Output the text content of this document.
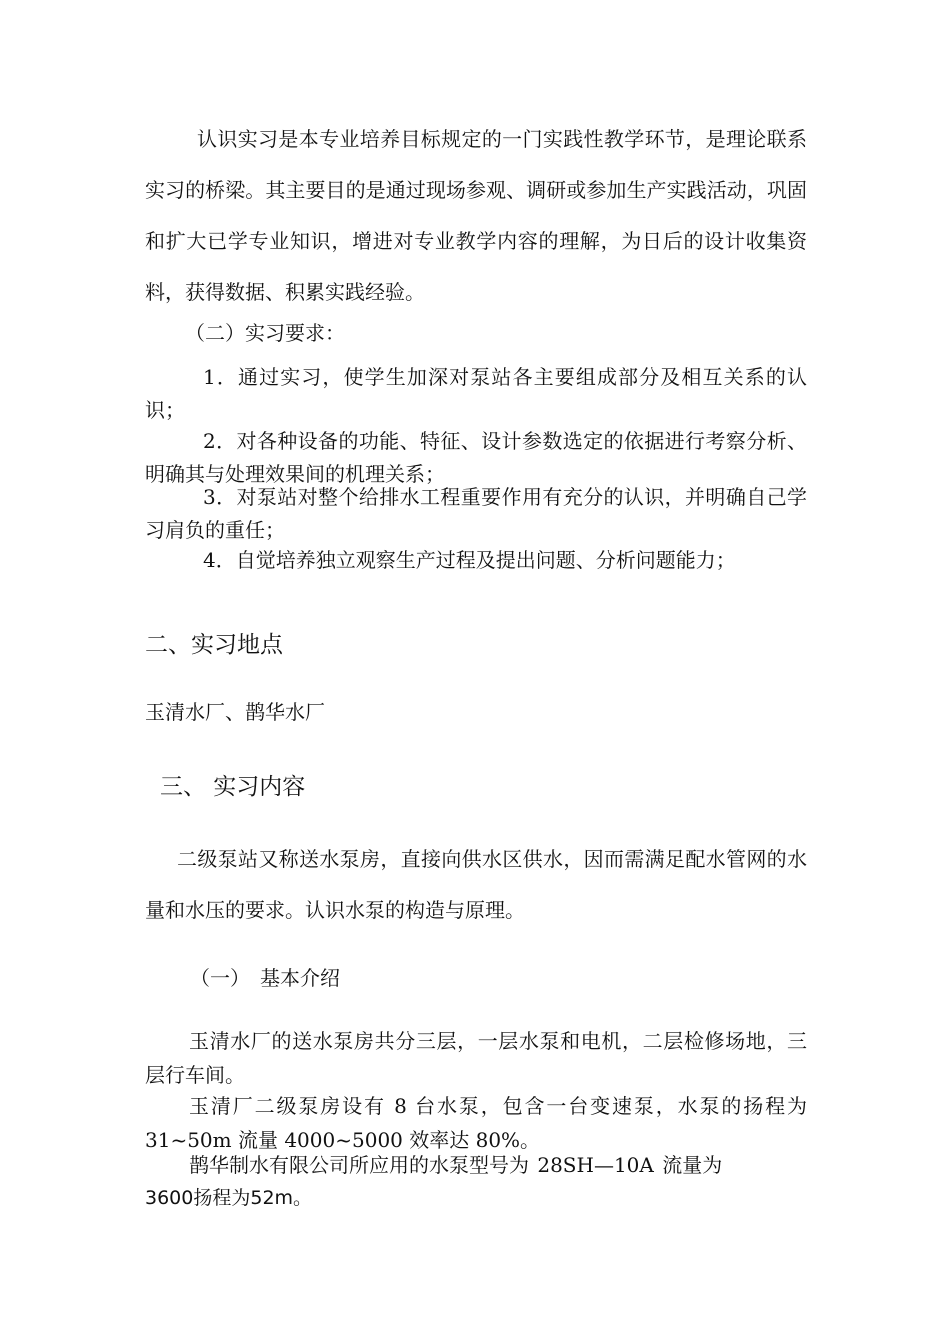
认识实习是本专业培养目标规定的一门实践性教学环节，是理论联系实习的桥梁。其主要目的是通过现场参观、调研或参加生产实践活动，巩固和扩大已学专业知识，增进对专业教学内容的理解，为日后的设计收集资料，获得数据、积累实践经验。

（二）实习要求：

1．通过实习，使学生加深对泵站各主要组成部分及相互关系的认识；

2．对各种设备的功能、特征、设计参数选定的依据进行考察分析、明确其与处理效果间的机理关系；

3．对泵站对整个给排水工程重要作用有充分的认识，并明确自己学习肩负的重任；

4．自觉培养独立观察生产过程及提出问题、分析问题能力；

二、实习地点

玉清水厂、鹊华水厂

三、 实习内容

二级泵站又称送水泵房，直接向供水区供水，因而需满足配水管网的水量和水压的要求。认识水泵的构造与原理。

（一）　基本介绍

玉清水厂的送水泵房共分三层，一层水泵和电机，二层检修场地，三层行车间。

玉清厂二级泵房设有 8 台水泵，包含一台变速泵，水泵的扬程为 31~50m 流量 4000~5000 效率达 80%。

鹊华制水有限公司所应用的水泵型号为 28SH—10A 流量为

3600扬程为52m。
